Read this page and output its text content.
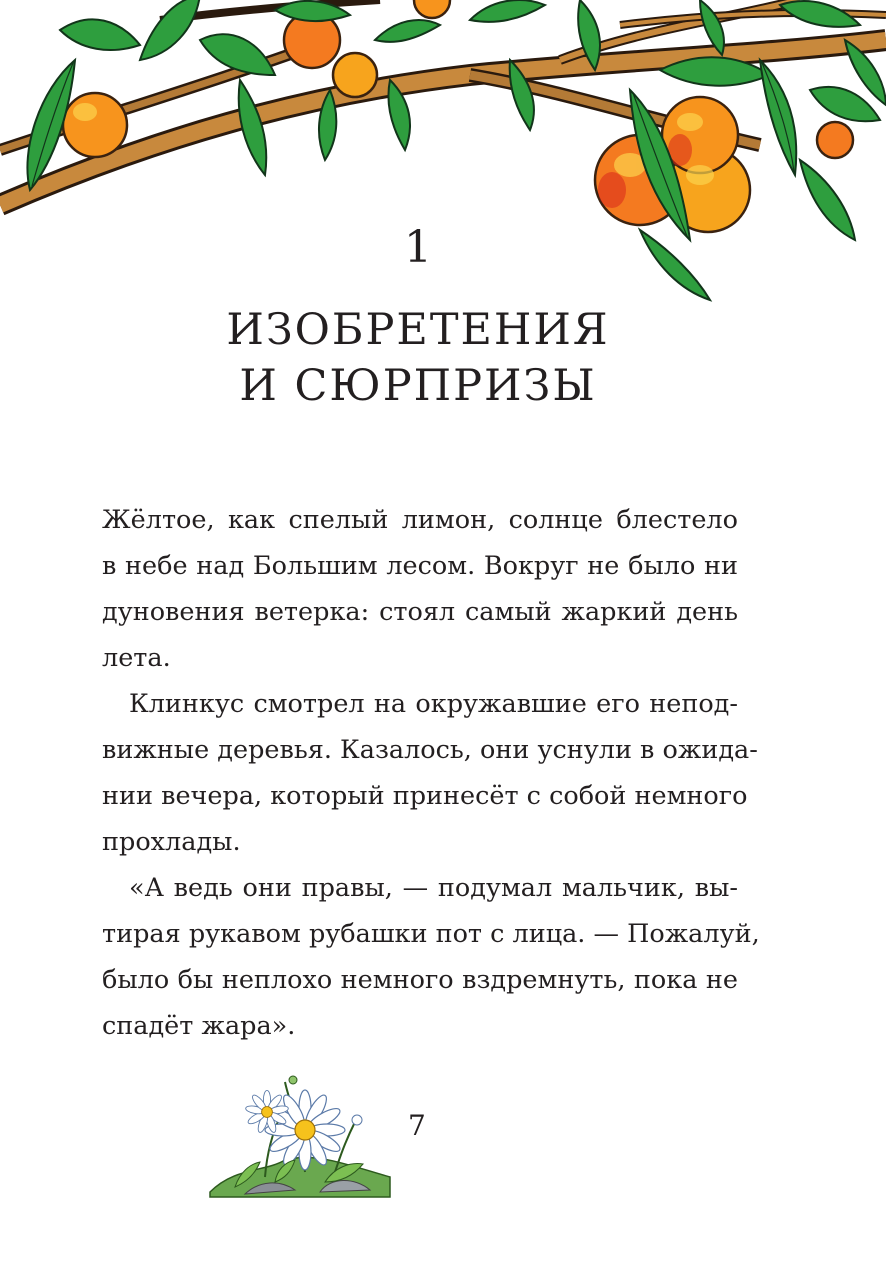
1
ИЗОБРЕТЕНИЯ
И СЮРПРИЗЫ
Жёлтое, как спелый лимон, солнце блестело
в небе над Большим лесом. Вокруг не было ни
дуновения ветерка: стоял самый жаркий день
лета.
Клинкус смотрел на окружавшие его непод-
вижные деревья. Казалось, они уснули в ожида-
нии вечера, который принесёт с собой немного
прохлады.
«А ведь они правы, — подумал мальчик, вы-
тирая рукавом рубашки пот с лица. — Пожалуй,
было бы неплохо немного вздремнуть, пока не
спадёт жара».
7
